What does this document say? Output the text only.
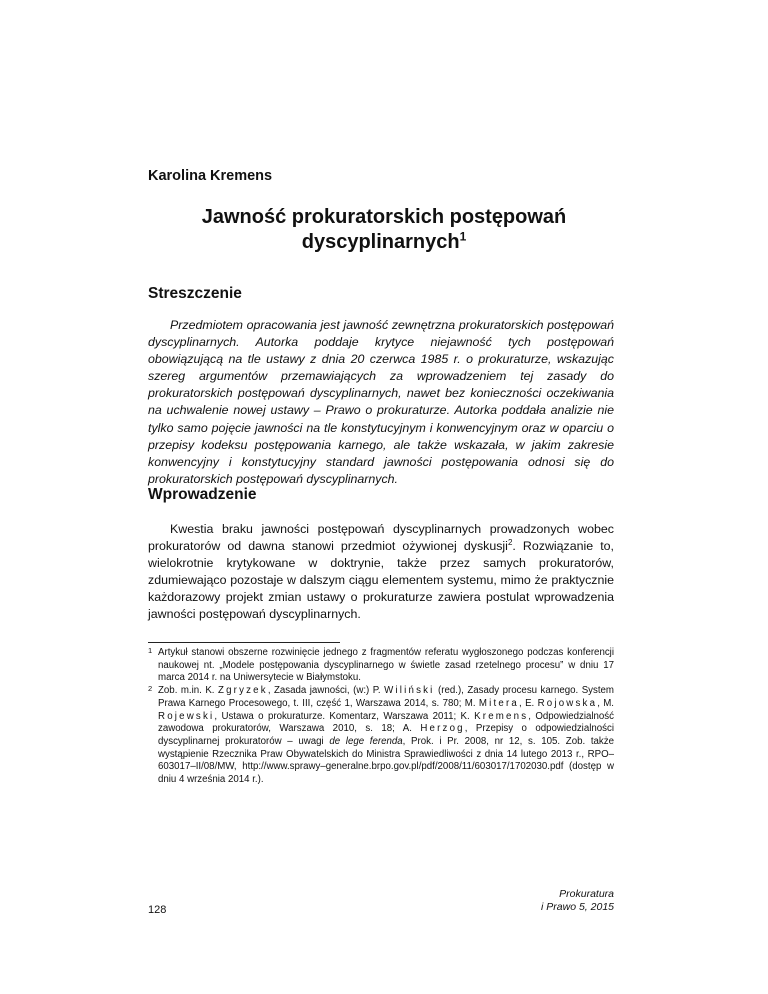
Karolina Kremens
Jawność prokuratorskich postępowań
dyscyplinarnych$^1$
Streszczenie

Przedmiotem opracowania jest jawność zewnętrzna prokuratorskich postępowań dyscyplinarnych. Autorka poddaje krytyce niejawność tych postępowań obowiązującą na tle ustawy z dnia 20 czerwca 1985 r. o prokuraturze, wskazując szereg argumentów przemawiających za wprowadzeniem tej zasady do prokuratorskich postępowań dyscyplinarnych, nawet bez konieczności oczekiwania na uchwalenie nowej ustawy – Prawo o prokuraturze. Autorka poddała analizie nie tylko samo pojęcie jawności na tle konstytucyjnym i konwencyjnym oraz w oparciu o przepisy kodeksu postępowania karnego, ale także wskazała, w jakim zakresie konwencyjny i konstytucyjny standard jawności postępowania odnosi się do prokuratorskich postępowań dyscyplinarnych.

Wprowadzenie

Kwestia braku jawności postępowań dyscyplinarnych prowadzonych wobec prokuratorów od dawna stanowi przedmiot ożywionej dyskusji$^2$. Rozwiązanie to, wielokrotnie krytykowane w doktrynie, także przez samych prokuratorów, zdumiewająco pozostaje w dalszym ciągu elementem systemu, mimo że praktycznie każdorazowy projekt zmian ustawy o prokuraturze zawiera postulat wprowadzenia jawności postępowań dyscyplinarnych.

1 Artykuł stanowi obszerne rozwinięcie jednego z fragmentów referatu wygłoszonego podczas konferencji naukowej nt. „Modele postępowania dyscyplinarnego w świetle zasad rzetelnego procesu” w dniu 17 marca 2014 r. na Uniwersytecie w Białymstoku.
2 Zob. m.in. K. Zgryzek, Zasada jawności, (w:) P. Wiliński (red.), Zasady procesu karnego. System Prawa Karnego Procesowego, t. III, część 1, Warszawa 2014, s. 780; M. Mitera, E. Rojowska, M. Rojewski, Ustawa o prokuraturze. Komentarz, Warszawa 2011; K. Kremens, Odpowiedzialność zawodowa prokuratorów, Warszawa 2010, s. 18; A. Herzog, Przepisy o odpowiedzialności dyscyplinarnej prokuratorów – uwagi de lege ferenda, Prok. i Pr. 2008, nr 12, s. 105. Zob. także wystąpienie Rzecznika Praw Obywatelskich do Ministra Sprawiedliwości z dnia 14 lutego 2013 r., RPO–603017–II/08/MW, http://www.sprawy–generalne.brpo.gov.pl/pdf/2008/11/603017/1702030.pdf (dostęp w dniu 4 września 2014 r.).
128
Prokuratura
i Prawo 5, 2015
